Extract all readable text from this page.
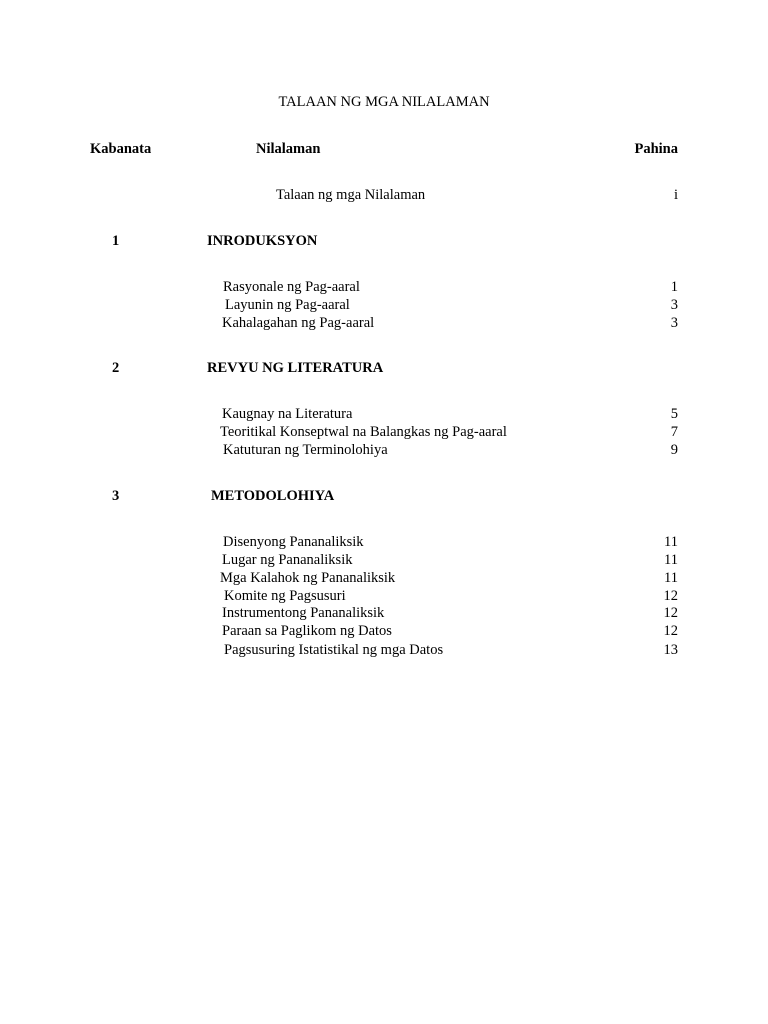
TALAAN NG MGA NILALAMAN
Kabanata	Nilalaman	Pahina
Talaan ng mga Nilalaman	i
1	INRODUKSYON
Rasyonale ng Pag-aaral	1
Layunin ng Pag-aaral	3
Kahalagahan ng Pag-aaral	3
2	REVYU NG LITERATURA
Kaugnay na Literatura	5
Teoritikal Konseptwal na Balangkas ng Pag-aaral	7
Katuturan ng Terminolohiya	9
3	METODOLOHIYA
Disenyong Pananaliksik	11
Lugar ng Pananaliksik	11
Mga Kalahok ng Pananaliksik	11
Komite ng Pagsusuri	12
Instrumentong Pananaliksik	12
Paraan sa Paglikom ng Datos	12
Pagsusuring Istatistikal ng mga Datos	13
